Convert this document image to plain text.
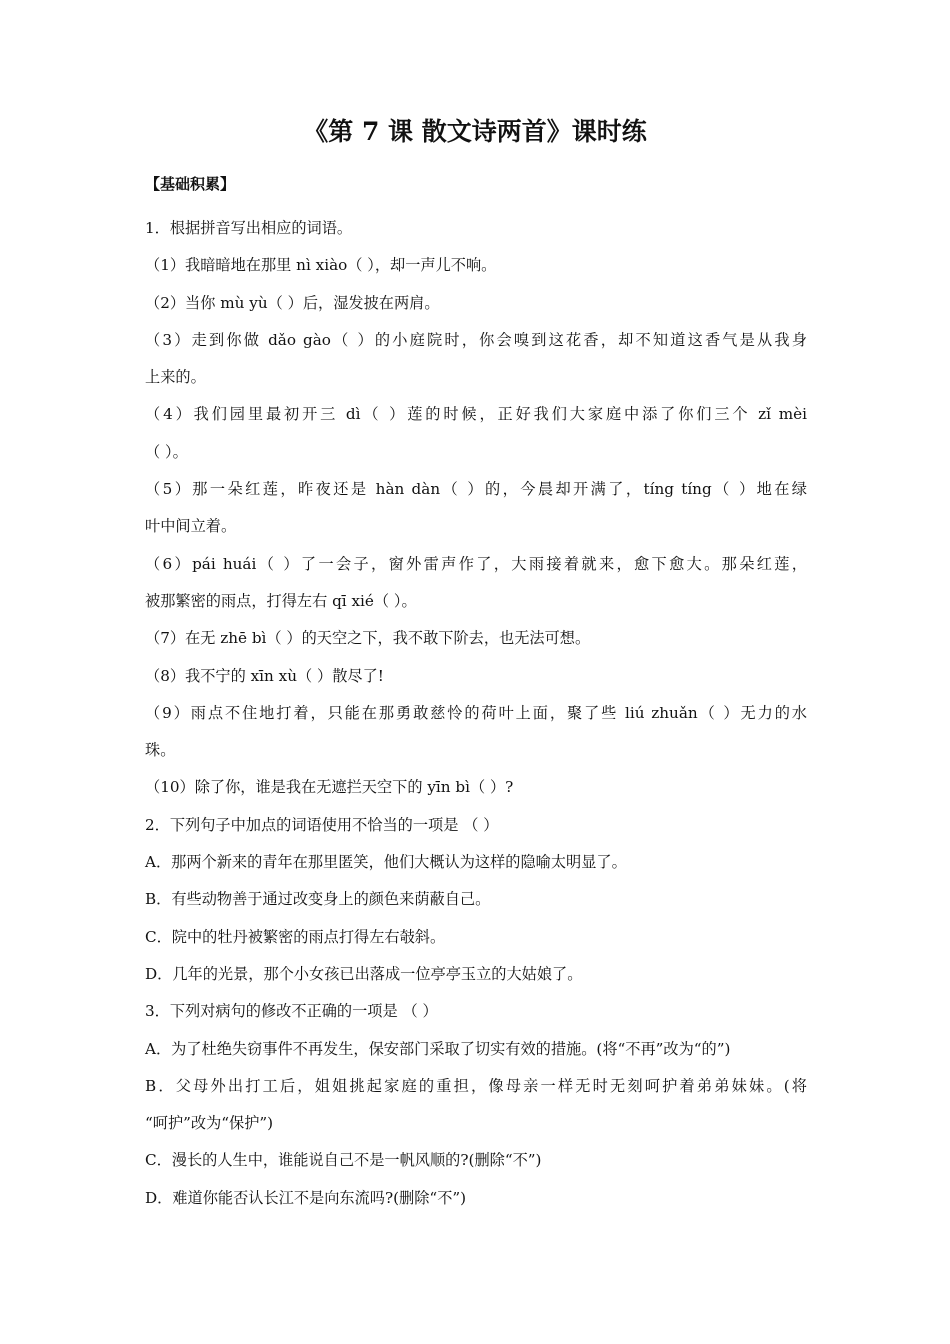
《第 7 课 散文诗两首》课时练
【基础积累】
1．根据拼音写出相应的词语。
（1）我暗暗地在那里 nì xiào（ ），却一声儿不响。
（2）当你 mù yù（ ）后，湿发披在两肩。
（3）走到你做 dǎo gào（ ）的小庭院时，你会嗅到这花香，却不知道这香气是从我身
上来的。
（4）我们园里最初开三 dì（ ）莲的时候，正好我们大家庭中添了你们三个 zǐ mèi
（ ）。
（5）那一朵红莲，昨夜还是 hàn dàn（ ）的，今晨却开满了，tíng tíng（ ）地在绿
叶中间立着。
（6）pái huái（ ）了一会子，窗外雷声作了，大雨接着就来，愈下愈大。那朵红莲，
被那繁密的雨点，打得左右 qī xié（ ）。
（7）在无 zhē bì（ ）的天空之下，我不敢下阶去，也无法可想。
（8）我不宁的 xīn xù（ ）散尽了!
（9）雨点不住地打着，只能在那勇敢慈怜的荷叶上面，聚了些 liú zhuǎn（ ）无力的水
珠。
（10）除了你，谁是我在无遮拦天空下的 yīn bì（ ）?
2．下列句子中加点的词语使用不恰当的一项是 （ ）
A．那两个新来的青年在那里匿笑，他们大概认为这样的隐喻太明显了。
B．有些动物善于通过改变身上的颜色来荫蔽自己。
C．院中的牡丹被繁密的雨点打得左右攲斜。
D．几年的光景，那个小女孩已出落成一位亭亭玉立的大姑娘了。
3．下列对病句的修改不正确的一项是 （ ）
A．为了杜绝失窃事件不再发生，保安部门采取了切实有效的措施。(将“不再”改为“的”)
B．父母外出打工后，姐姐挑起家庭的重担，像母亲一样无时无刻呵护着弟弟妹妹。(将
“呵护”改为“保护”)
C．漫长的人生中，谁能说自己不是一帆风顺的?(删除“不”)
D．难道你能否认长江不是向东流吗?(删除“不”)
